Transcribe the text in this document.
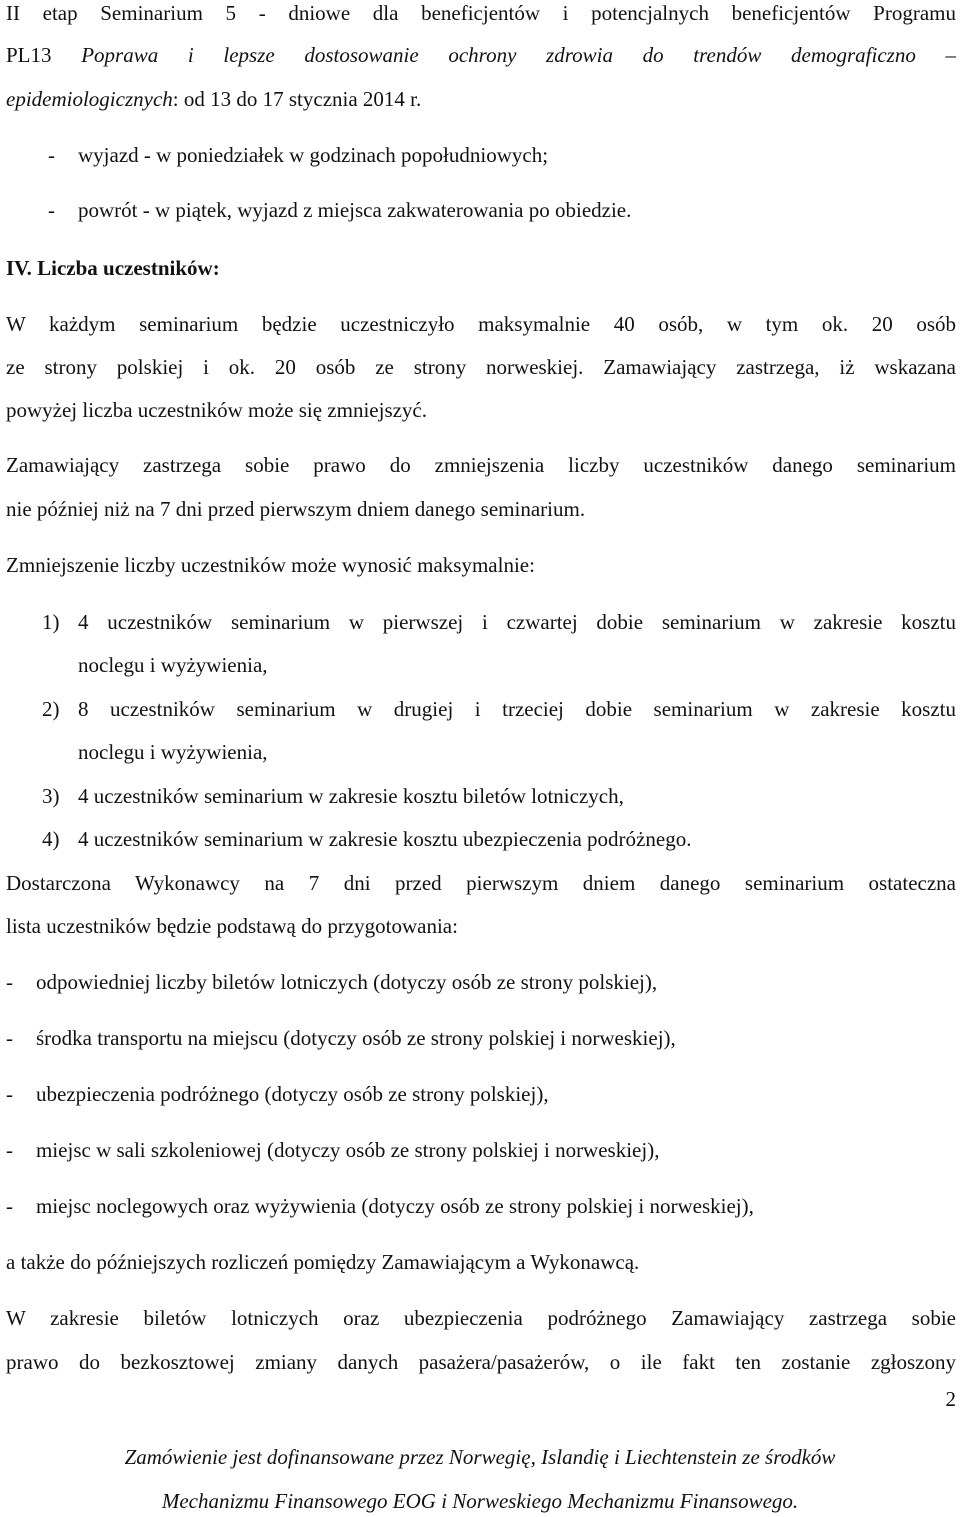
II etap Seminarium 5 - dniowe dla beneficjentów i potencjalnych beneficjentów Programu
PL13 Poprawa i lepsze dostosowanie ochrony zdrowia do trendów demograficzno –
epidemiologicznych: od 13 do 17 stycznia 2014 r.
- wyjazd - w poniedziałek w godzinach popołudniowych;
- powrót - w piątek, wyjazd z miejsca zakwaterowania po obiedzie.
IV. Liczba uczestników:
W każdym seminarium będzie uczestniczyło maksymalnie 40 osób, w tym ok. 20 osób
ze strony polskiej i ok. 20 osób ze strony norweskiej. Zamawiający zastrzega, iż wskazana
powyżej liczba uczestników może się zmniejszyć.
Zamawiający zastrzega sobie prawo do zmniejszenia liczby uczestników danego seminarium
nie później niż na 7 dni przed pierwszym dniem danego seminarium.
Zmniejszenie liczby uczestników może wynosić maksymalnie:
1) 4 uczestników seminarium w pierwszej i czwartej dobie seminarium w zakresie kosztu
noclegu i wyżywienia,
2) 8 uczestników seminarium w drugiej i trzeciej dobie seminarium w zakresie kosztu
noclegu i wyżywienia,
3) 4 uczestników seminarium w zakresie kosztu biletów lotniczych,
4) 4 uczestników seminarium w zakresie kosztu ubezpieczenia podróżnego.
Dostarczona Wykonawcy na 7 dni przed pierwszym dniem danego seminarium ostateczna
lista uczestników będzie podstawą do przygotowania:
- odpowiedniej liczby biletów lotniczych (dotyczy osób ze strony polskiej),
- środka transportu na miejscu (dotyczy osób ze strony polskiej i norweskiej),
- ubezpieczenia podróżnego (dotyczy osób ze strony polskiej),
- miejsc w sali szkoleniowej (dotyczy osób ze strony polskiej i norweskiej),
- miejsc noclegowych oraz wyżywienia (dotyczy osób ze strony polskiej i norweskiej),
a także do późniejszych rozliczeń pomiędzy Zamawiającym a Wykonawcą.
W zakresie biletów lotniczych oraz ubezpieczenia podróżnego Zamawiający zastrzega sobie
prawo do bezkosztowej zmiany danych pasażera/pasażerów, o ile fakt ten zostanie zgłoszony
2
Zamówienie jest dofinansowane przez Norwegię, Islandię i Liechtenstein ze środków
Mechanizmu Finansowego EOG i Norweskiego Mechanizmu Finansowego.
